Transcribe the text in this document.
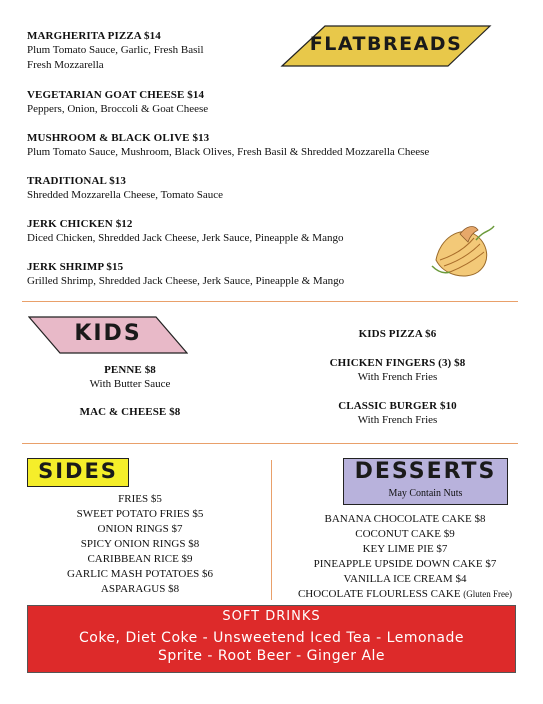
FLATBREADS
MARGHERITA PIZZA $14
Plum Tomato Sauce, Garlic, Fresh Basil
Fresh Mozzarella
VEGETARIAN GOAT CHEESE $14
Peppers, Onion, Broccoli & Goat Cheese
MUSHROOM & BLACK OLIVE $13
Plum Tomato Sauce, Mushroom, Black Olives, Fresh Basil & Shredded Mozzarella Cheese
TRADITIONAL $13
Shredded Mozzarella Cheese, Tomato Sauce
JERK CHICKEN $12
Diced Chicken, Shredded Jack Cheese, Jerk Sauce, Pineapple & Mango
JERK SHRIMP $15
Grilled Shrimp, Shredded Jack Cheese, Jerk Sauce, Pineapple & Mango
KIDS
PENNE $8
With Butter Sauce
MAC & CHEESE $8
KIDS PIZZA $6
CHICKEN FINGERS (3) $8
With French Fries
CLASSIC BURGER $10
With French Fries
SIDES
FRIES $5
SWEET POTATO FRIES $5
ONION RINGS $7
SPICY ONION RINGS $8
CARIBBEAN RICE $9
GARLIC MASH POTATOES $6
ASPARAGUS $8
DESSERTS
May Contain Nuts
BANANA CHOCOLATE CAKE $8
COCONUT CAKE $9
KEY LIME PIE $7
PINEAPPLE UPSIDE DOWN CAKE $7
VANILLA ICE CREAM $4
CHOCOLATE FLOURLESS CAKE (Gluten Free)
SOFT DRINKS
Coke, Diet Coke - Unsweetend Iced Tea - Lemonade
Sprite - Root Beer - Ginger Ale
